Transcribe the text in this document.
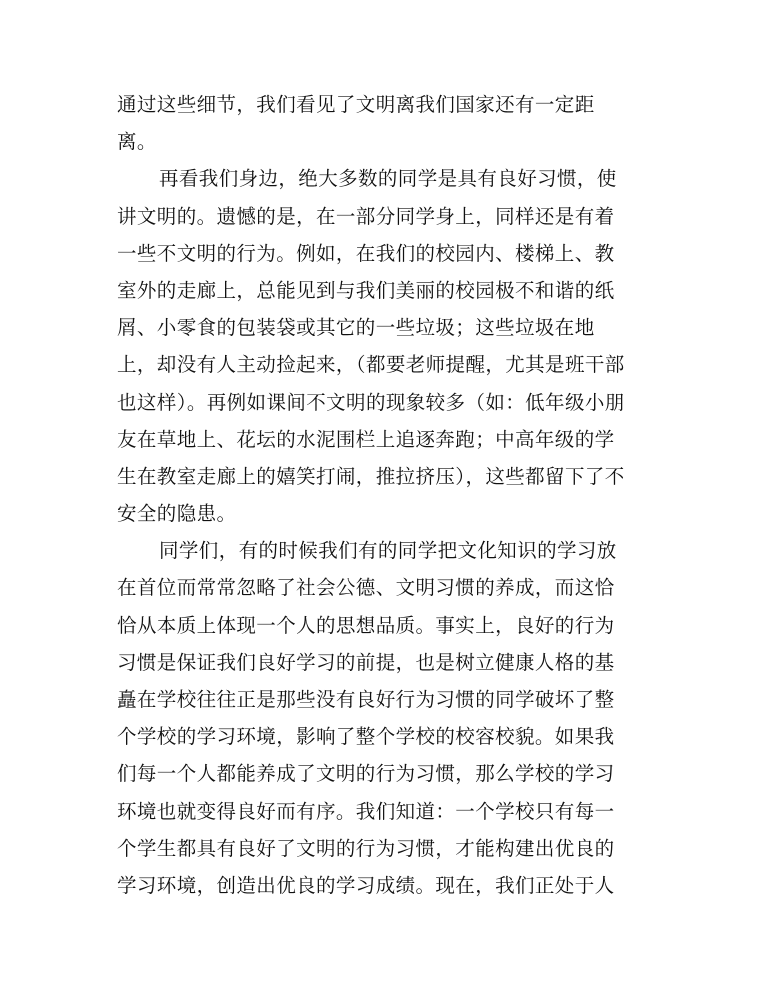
通过这些细节，我们看见了文明离我们国家还有一定距
离。
再看我们身边，绝大多数的同学是具有良好习惯，使
讲文明的。遗憾的是，在一部分同学身上，同样还是有着
一些不文明的行为。例如，在我们的校园内、楼梯上、教
室外的走廊上，总能见到与我们美丽的校园极不和谐的纸
屑、小零食的包装袋或其它的一些垃圾；这些垃圾在地
上，却没有人主动捡起来，（都要老师提醒，尤其是班干部
也这样）。再例如课间不文明的现象较多（如：低年级小朋
友在草地上、花坛的水泥围栏上追逐奔跑；中高年级的学
生在教室走廊上的嬉笑打闹，推拉挤压），这些都留下了不
安全的隐患。
同学们，有的时候我们有的同学把文化知识的学习放
在首位而常常忽略了社会公德、文明习惯的养成，而这恰
恰从本质上体现一个人的思想品质。事实上，良好的行为
习惯是保证我们良好学习的前提，也是树立健康人格的基
矗在学校往往正是那些没有良好行为习惯的同学破坏了整
个学校的学习环境，影响了整个学校的校容校貌。如果我
们每一个人都能养成了文明的行为习惯，那么学校的学习
环境也就变得良好而有序。我们知道：一个学校只有每一
个学生都具有良好了文明的行为习惯，才能构建出优良的
学习环境，创造出优良的学习成绩。现在，我们正处于人
